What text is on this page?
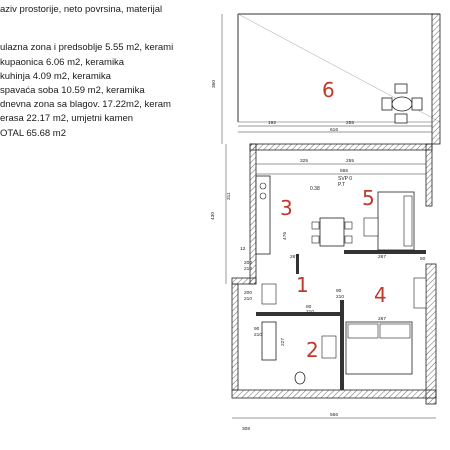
aziv prostorije, neto povrsina, materijal
ulazna zona i predsoblje 5.55 m2, kerami
kupaonica 6.06 m2, keramika
kuhinja 4.09 m2, keramika
spavaća soba 10.59 m2, keramika
dnevna zona sa blagov. 17.22m2, keram
erasa 22.17 m2, umjetni kamen
OTAL 65.68 m2
192	255
616
325	255
565
360
311
430
267	267
267
476
200
210
90
210
80
210
90
210
227
210
200
12
50
566
308
0.38
SVP 0
P.T
6
5
3
1	4
2
